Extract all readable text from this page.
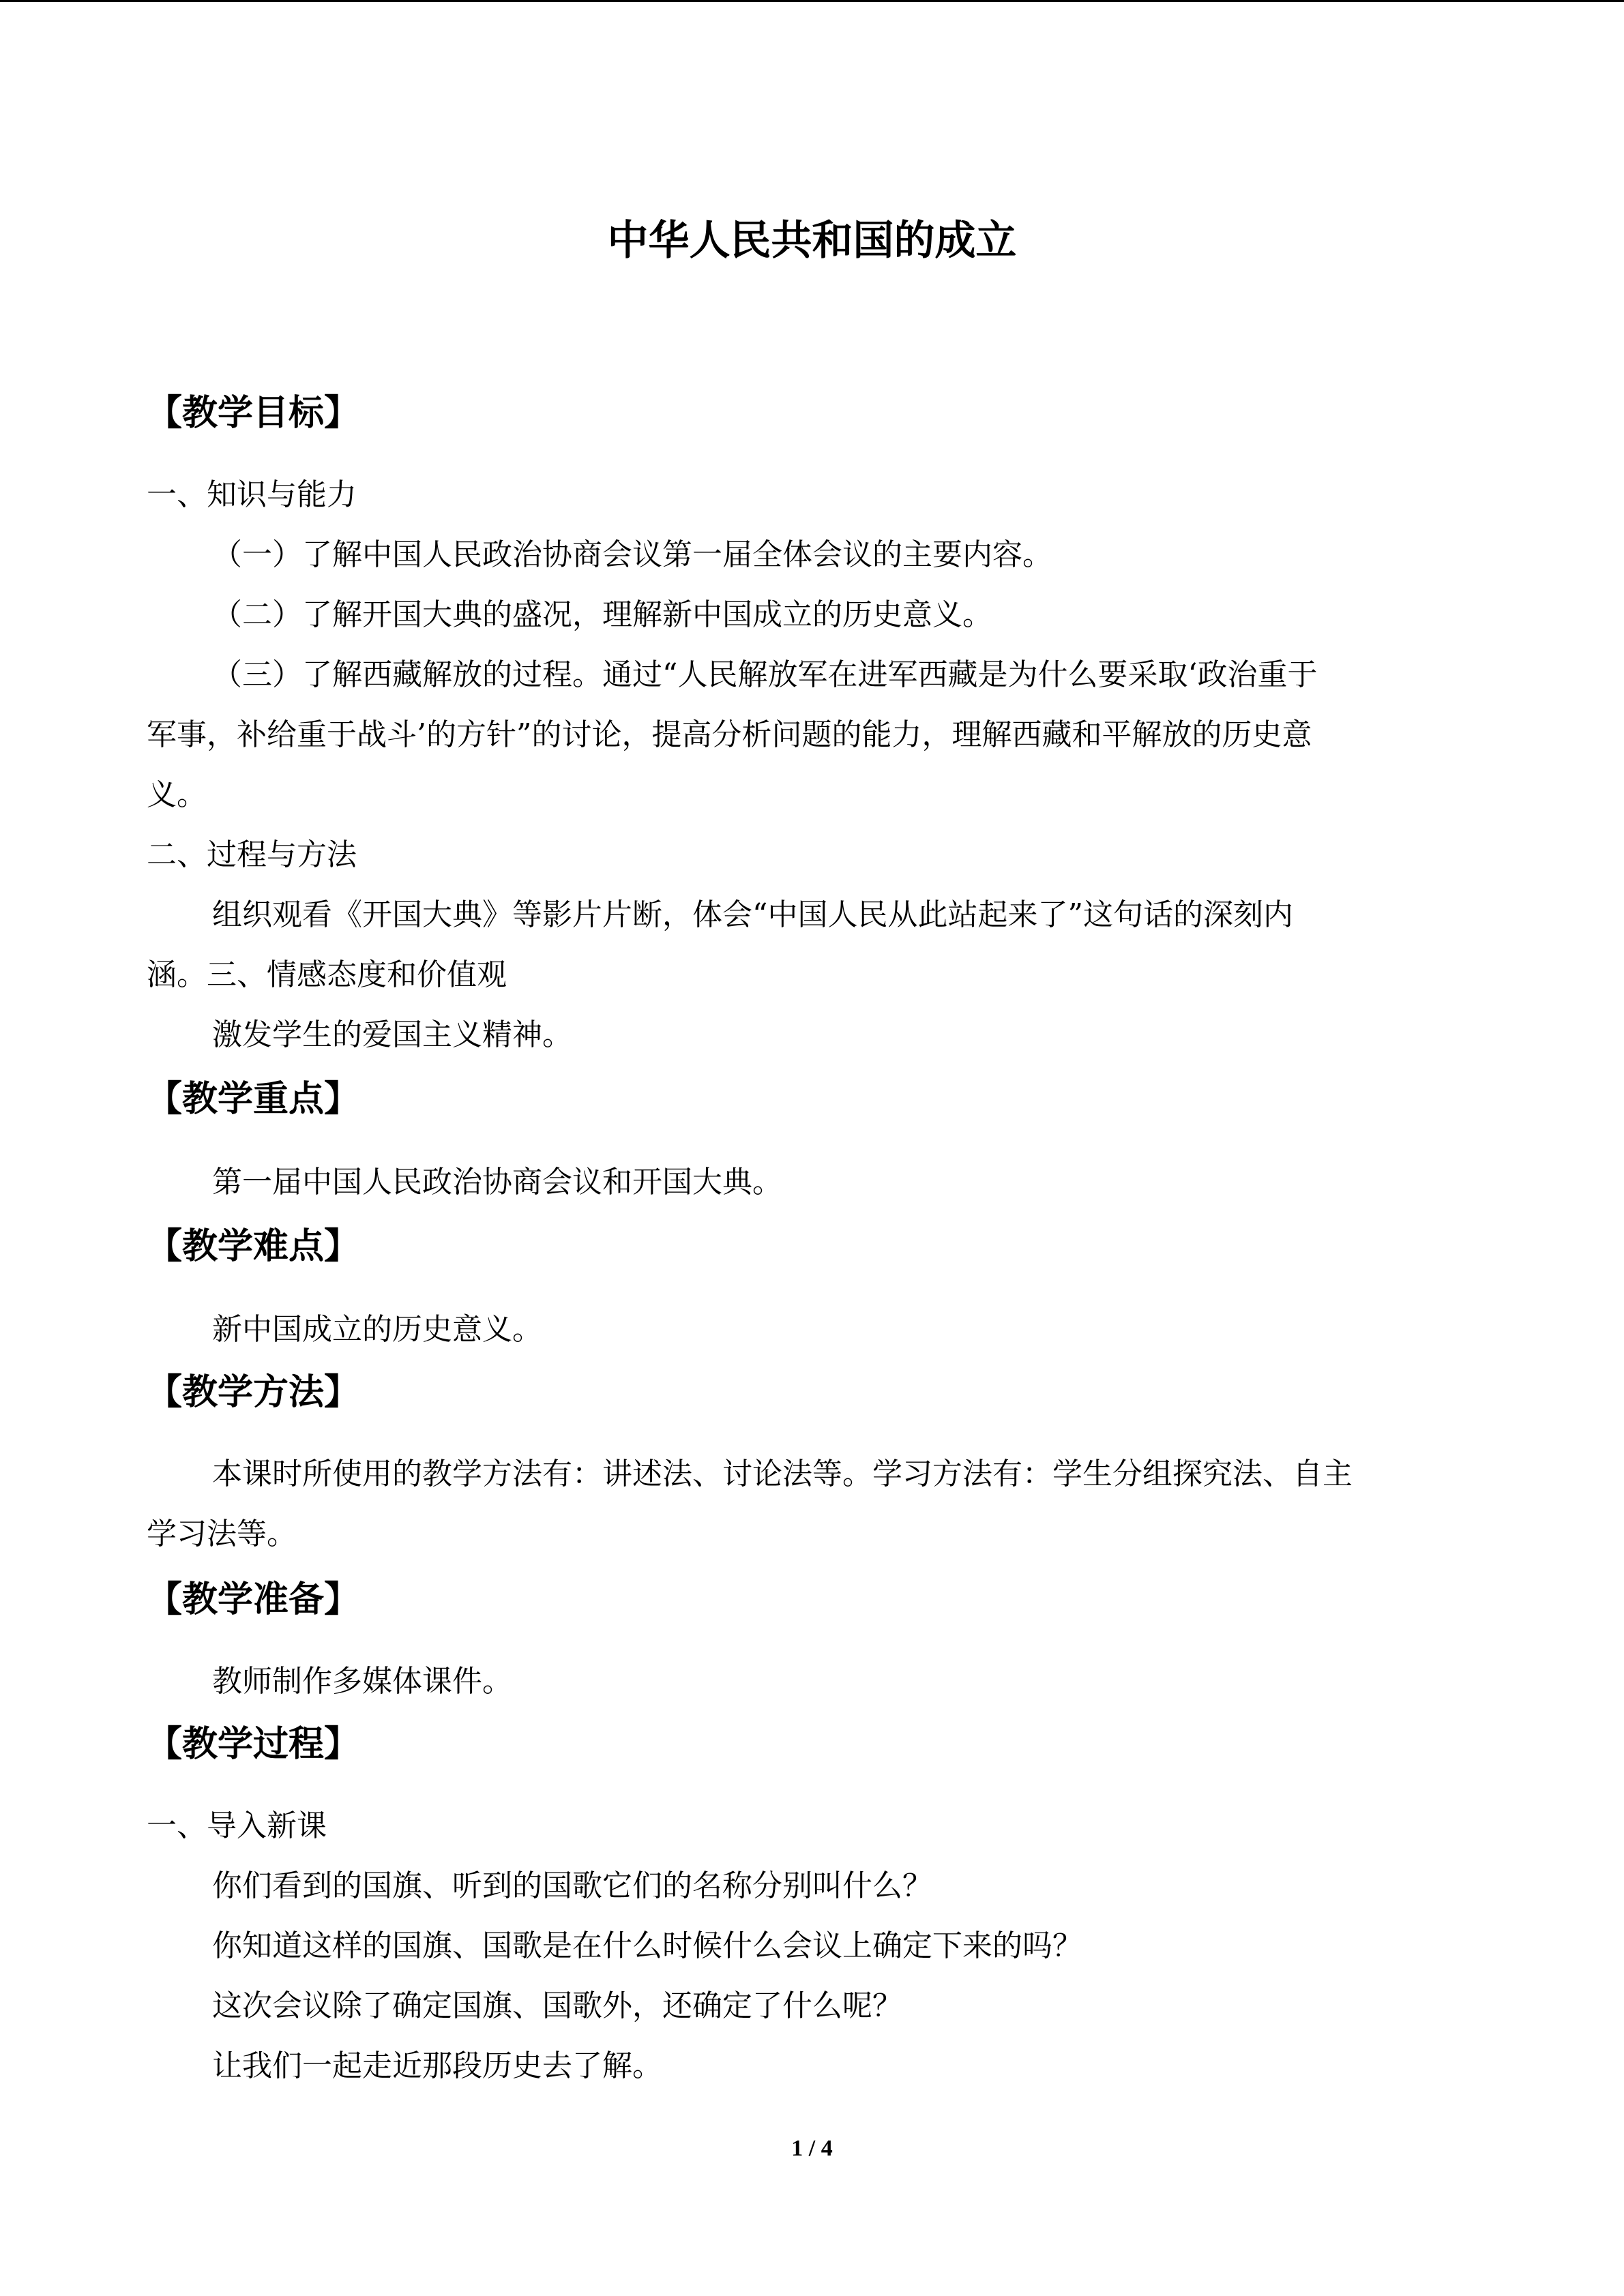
中华人民共和国的成立
【教学目标】
一、知识与能力
（一）了解中国人民政治协商会议第一届全体会议的主要内容。
（二）了解开国大典的盛况，理解新中国成立的历史意义。
（三）了解西藏解放的过程。通过“人民解放军在进军西藏是为什么要采取‘政治重于
军事，补给重于战斗’的方针”的讨论，提高分析问题的能力，理解西藏和平解放的历史意
义。
二、过程与方法
组织观看《开国大典》等影片片断，体会“中国人民从此站起来了”这句话的深刻内
涵。三、情感态度和价值观
激发学生的爱国主义精神。
【教学重点】
第一届中国人民政治协商会议和开国大典。
【教学难点】
新中国成立的历史意义。
【教学方法】
本课时所使用的教学方法有：讲述法、讨论法等。学习方法有：学生分组探究法、自主
学习法等。
【教学准备】
教师制作多媒体课件。
【教学过程】
一、导入新课
你们看到的国旗、听到的国歌它们的名称分别叫什么？
你知道这样的国旗、国歌是在什么时候什么会议上确定下来的吗？
这次会议除了确定国旗、国歌外，还确定了什么呢？
让我们一起走近那段历史去了解。
1 / 4
